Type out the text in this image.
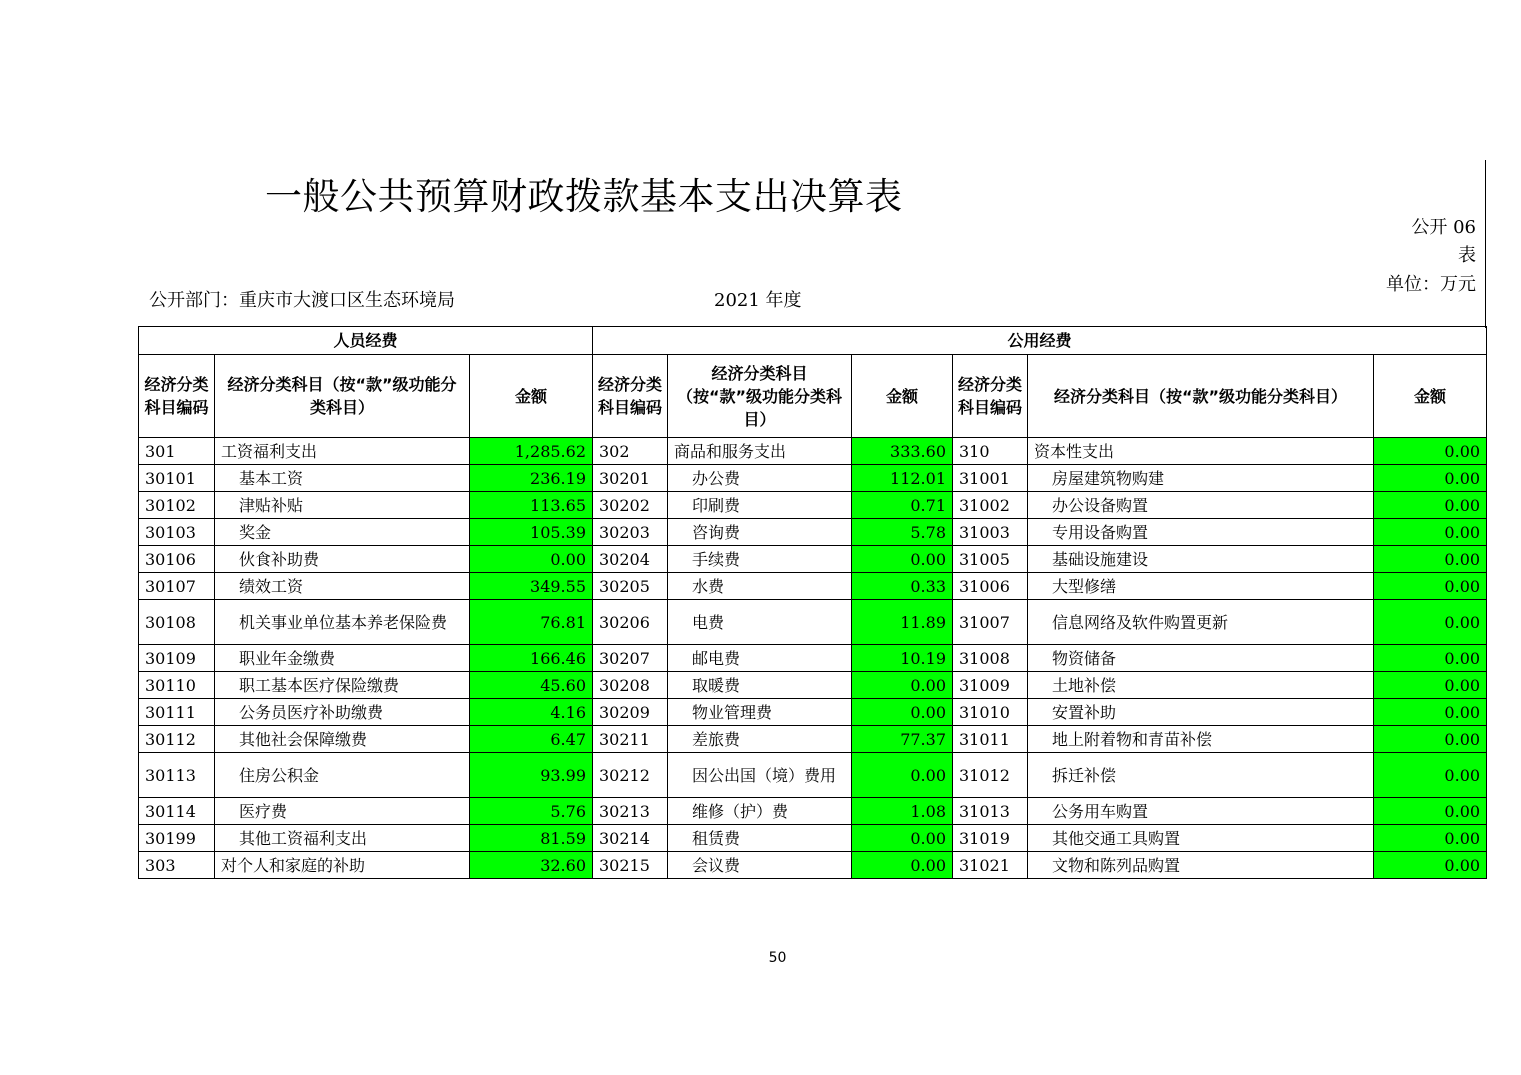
一般公共预算财政拨款基本支出决算表
公开 06 表
单位：万元
公开部门：重庆市大渡口区生态环境局	2021 年度
人员经费			公用经费					
经济分类科目编码	经济分类科目（按“款”级功能分类科目）	金额	经济分类科目编码	经济分类科目（按“款”级功能分类科目）	金额	经济分类科目编码	经济分类科目（按“款”级功能分类科目）	金额
301	工资福利支出	1,285.62	302	商品和服务支出	333.60	310	资本性支出	0.00
30101	基本工资	236.19	30201	办公费	112.01	31001	房屋建筑物购建	0.00
30102	津贴补贴	113.65	30202	印刷费	0.71	31002	办公设备购置	0.00
30103	奖金	105.39	30203	咨询费	5.78	31003	专用设备购置	0.00
30106	伙食补助费	0.00	30204	手续费	0.00	31005	基础设施建设	0.00
30107	绩效工资	349.55	30205	水费	0.33	31006	大型修缮	0.00
30108	机关事业单位基本养老保险费	76.81	30206	电费	11.89	31007	信息网络及软件购置更新	0.00
30109	职业年金缴费	166.46	30207	邮电费	10.19	31008	物资储备	0.00
30110	职工基本医疗保险缴费	45.60	30208	取暖费	0.00	31009	土地补偿	0.00
30111	公务员医疗补助缴费	4.16	30209	物业管理费	0.00	31010	安置补助	0.00
30112	其他社会保障缴费	6.47	30211	差旅费	77.37	31011	地上附着物和青苗补偿	0.00
30113	住房公积金	93.99	30212	因公出国（境）费用	0.00	31012	拆迁补偿	0.00
30114	医疗费	5.76	30213	维修（护）费	1.08	31013	公务用车购置	0.00
30199	其他工资福利支出	81.59	30214	租赁费	0.00	31019	其他交通工具购置	0.00
303	对个人和家庭的补助	32.60	30215	会议费	0.00	31021	文物和陈列品购置	0.00
50
